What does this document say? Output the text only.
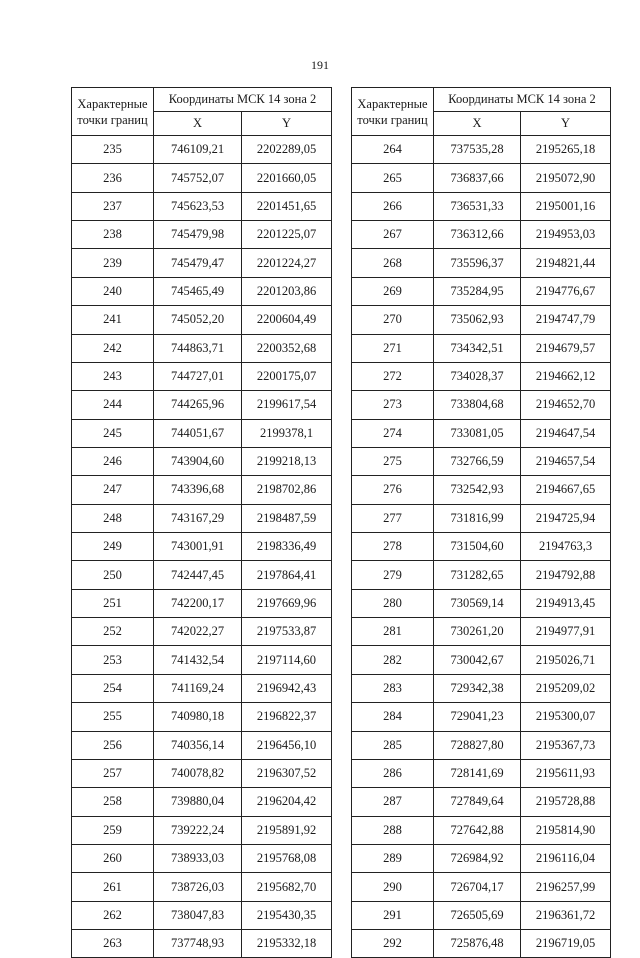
191
Характерные точки границ	Координаты МСК 14 зона 2	
	X	Y
235	746109,21	2202289,05
236	745752,07	2201660,05
237	745623,53	2201451,65
238	745479,98	2201225,07
239	745479,47	2201224,27
240	745465,49	2201203,86
241	745052,20	2200604,49
242	744863,71	2200352,68
243	744727,01	2200175,07
244	744265,96	2199617,54
245	744051,67	2199378,1
246	743904,60	2199218,13
247	743396,68	2198702,86
248	743167,29	2198487,59
249	743001,91	2198336,49
250	742447,45	2197864,41
251	742200,17	2197669,96
252	742022,27	2197533,87
253	741432,54	2197114,60
254	741169,24	2196942,43
255	740980,18	2196822,37
256	740356,14	2196456,10
257	740078,82	2196307,52
258	739880,04	2196204,42
259	739222,24	2195891,92
260	738933,03	2195768,08
261	738726,03	2195682,70
262	738047,83	2195430,35
263	737748,93	2195332,18
Характерные точки границ	Координаты МСК 14 зона 2	
	X	Y
264	737535,28	2195265,18
265	736837,66	2195072,90
266	736531,33	2195001,16
267	736312,66	2194953,03
268	735596,37	2194821,44
269	735284,95	2194776,67
270	735062,93	2194747,79
271	734342,51	2194679,57
272	734028,37	2194662,12
273	733804,68	2194652,70
274	733081,05	2194647,54
275	732766,59	2194657,54
276	732542,93	2194667,65
277	731816,99	2194725,94
278	731504,60	2194763,3
279	731282,65	2194792,88
280	730569,14	2194913,45
281	730261,20	2194977,91
282	730042,67	2195026,71
283	729342,38	2195209,02
284	729041,23	2195300,07
285	728827,80	2195367,73
286	728141,69	2195611,93
287	727849,64	2195728,88
288	727642,88	2195814,90
289	726984,92	2196116,04
290	726704,17	2196257,99
291	726505,69	2196361,72
292	725876,48	2196719,05
